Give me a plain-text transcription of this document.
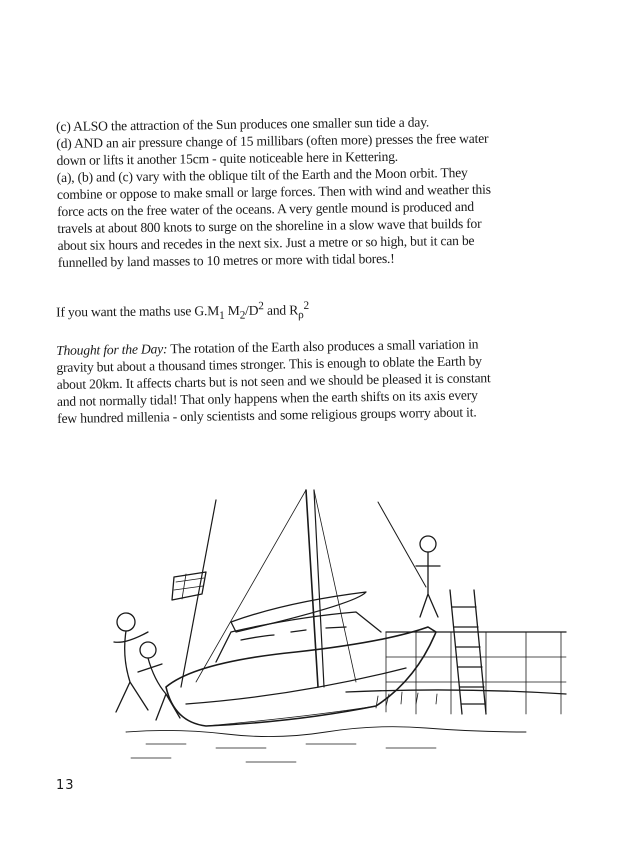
(c) ALSO the attraction of the Sun produces one smaller sun tide a day.
(d) AND an air pressure change of 15 millibars (often more) presses the free water
down or lifts it another 15cm - quite noticeable here in Kettering.
(a), (b) and (c) vary with the oblique tilt of the Earth and the Moon orbit. They
combine or oppose to make small or large forces. Then with wind and weather this
force acts on the free water of the oceans. A very gentle mound is produced and
travels at about 800 knots to surge on the shoreline in a slow wave that builds for
about six hours and recedes in the next six. Just a metre or so high, but it can be
funnelled by land masses to 10 metres or more with tidal bores.!
If you want the maths use $G.M_1$ $M_2/D^2$ and $R_\rho^2$
Thought for the Day: The rotation of the Earth also produces a small variation in
gravity but about a thousand times stronger. This is enough to oblate the Earth by
about 20km. It affects charts but is not seen and we should be pleased it is constant
and not normally tidal! That only happens when the earth shifts on its axis every
few hundred millenia - only scientists and some religious groups worry about it.
13
